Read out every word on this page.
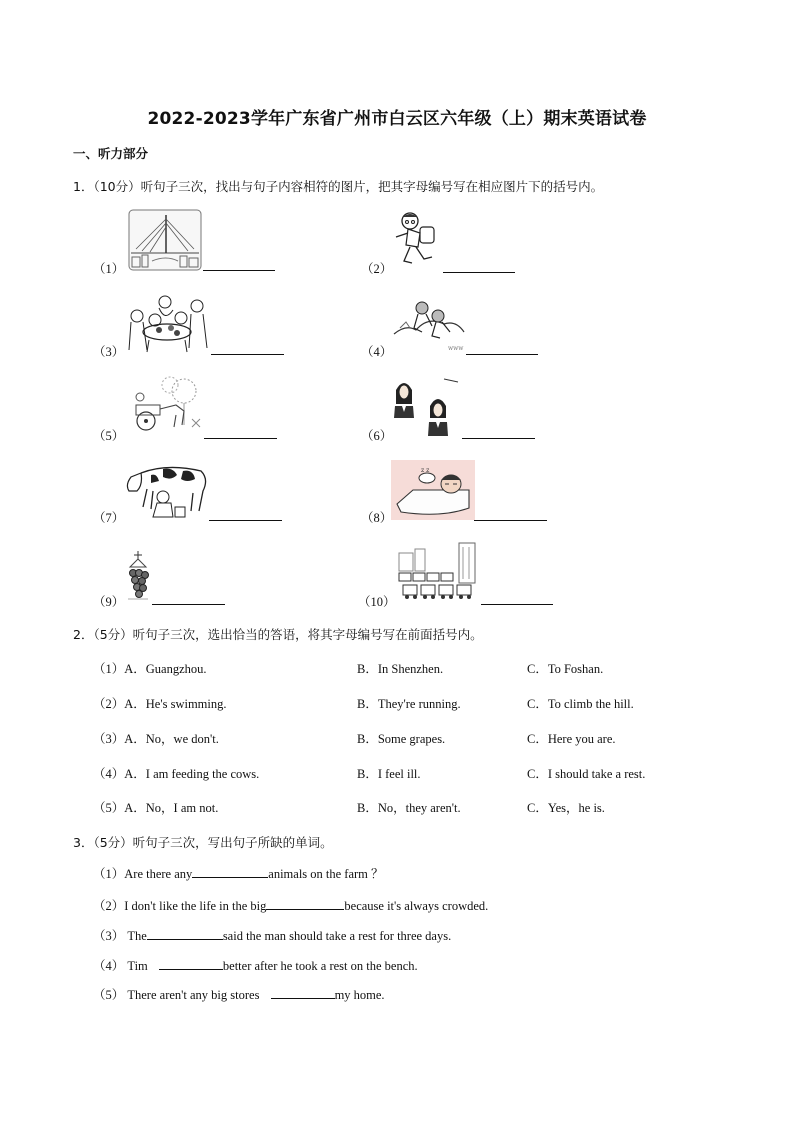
2022-2023学年广东省广州市白云区六年级（上）期末英语试卷
一、听力部分
1．（10分）听句子三次，找出与句子内容相符的图片，把其字母编号写在相应图片下的括号内。
（1）	（2）
（3）	www
（4）
（5）	（6）
（7）
z z
（8）
（9）	（10）
2．（5分）听句子三次，选出恰当的答语，将其字母编号写在前面括号内。
（1）A．Guangzhou.	B．In Shenzhen.	C．To Foshan.
（2）A．He's swimming.	B．They're running.	C．To climb the hill.
（3）A．No，we don't.	B．Some grapes.	C．Here you are.
（4）A．I am feeding the cows.	B．I feel ill.	C．I should take a rest.
（5）A．No，I am not.	B．No，they aren't.	C．Yes，he is.
3．（5分）听句子三次，写出句子所缺的单词。
（1）Are there any	animals on the farm ？
（2）I don't like the life in the big	because it's always crowded.
（3） The	said the man should take a rest for three days.
（4） Tim	better after he took a rest on the bench.
（5） There aren't any big stores	my home.
